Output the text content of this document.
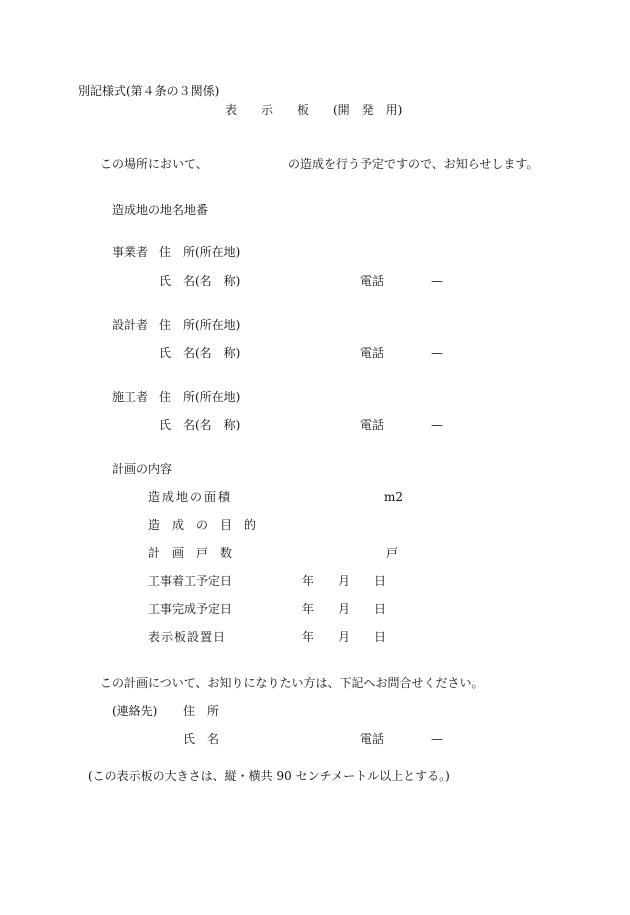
別記様式(第４条の３関係)
表　　示　　板　　(開　発　用)
この場所において、	の造成を行う予定ですので、お知らせします。
造成地の地名地番
事業者 住　所(所在地)
氏　名(名　称)	電話	—
設計者 住　所(所在地)
氏　名(名　称)	電話	—
施工者 住　所(所在地)
氏　名(名　称)	電話	—
計画の内容
造成地の面積	m2
造　成　の　目　的
計　画　戸　数	戸
工事着工予定日	年 月 日
工事完成予定日	年 月 日
表示板設置日	年 月 日
この計画について、お知りになりたい方は、下記へお問合せください。
(連絡先) 住　所
氏　名	電話	—
(この表示板の大きさは、縦・横共 90 センチメートル以上とする。)
